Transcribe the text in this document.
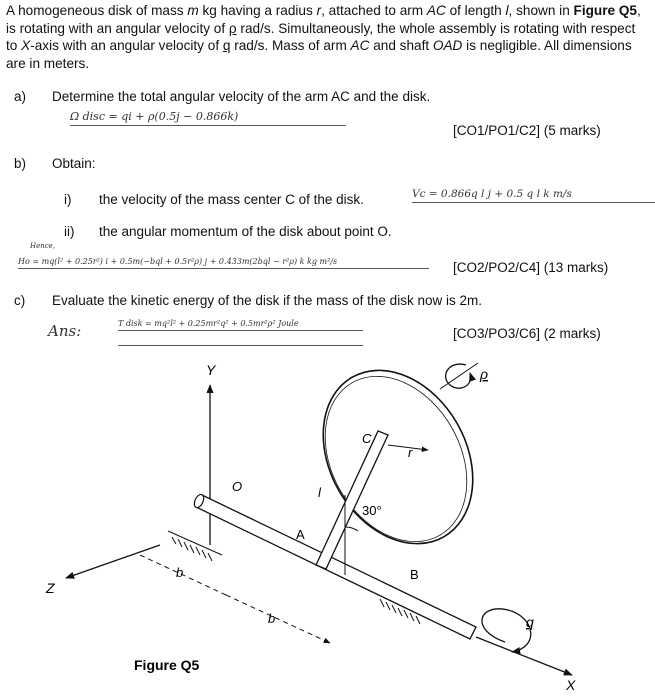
A homogeneous disk of mass m kg having a radius r, attached to arm AC of length l, shown in Figure Q5, is rotating with an angular velocity of ρ rad/s. Simultaneously, the whole assembly is rotating with respect to X-axis with an angular velocity of q rad/s. Mass of arm AC and shaft OAD is negligible. All dimensions are in meters.
a) Determine the total angular velocity of the arm AC and the disk.
Ω disc = qi + ρ(0.5j − 0.866k)
[CO1/PO1/C2] (5 marks)
b) Obtain:
i) the velocity of the mass center C of the disk.	Vc = 0.866q l j + 0.5 q l k m/s
ii) the angular momentum of the disk about point O.
Hence,
Ho = mq(l² + 0.25r²) i + 0.5m(−bql + 0.5r²ρ) j + 0.433m(2bql − r²ρ) k kg m²/s	[CO2/PO2/C4] (13 marks)
c) Evaluate the kinetic energy of the disk if the mass of the disk now is 2m.
Ans:	T disk = mq²l² + 0.25mr²q² + 0.5mr²ρ² Joule
[CO3/PO3/C6] (2 marks)
Y
Z
X
q
30°
r
ρ
O
A
B
C
l
b
b
Figure Q5
